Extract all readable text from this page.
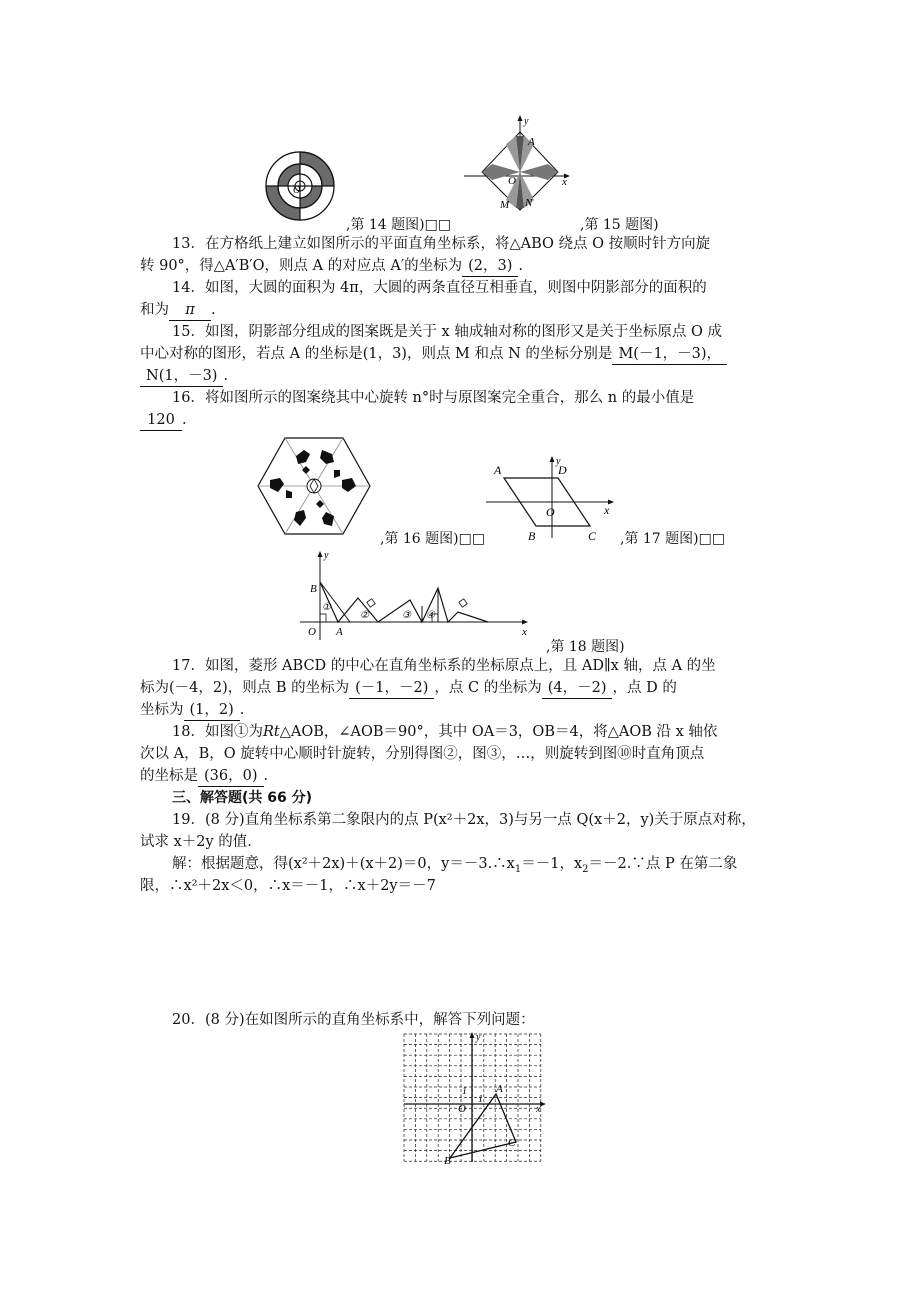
O
y
x
A
O
M N
,第 14 题图)□□	,第 15 题图)
13．在方格纸上建立如图所示的平面直角坐标系，将△ABO 绕点 O 按顺时针方向旋
转 90°，得△A′B′O，则点 A 的对应点 A′的坐标为 (2，3) .
14．如图，大圆的面积为 4π，大圆的两条直径互相垂直，则图中阴影部分的面积的
和为 π .
15．如图，阴影部分组成的图案既是关于 x 轴成轴对称的图形又是关于坐标原点 O 成
中心对称的图形，若点 A 的坐标是(1，3)，则点 M 和点 N 的坐标分别是 M(－1，－3)，
N(1，－3) .
16．将如图所示的图案绕其中心旋转 n°时与原图案完全重合，那么 n 的最小值是
120 .
A	D
y
O	x
B	C
,第 16 题图)□□	,第 17 题图)□□
B
y
O A	x
①
②	③ ④
,第 18 题图)
17．如图，菱形 ABCD 的中心在直角坐标系的坐标原点上，且 AD∥x 轴，点 A 的坐
标为(－4，2)，则点 B 的坐标为 (－1，－2) ，点 C 的坐标为 (4，－2) ，点 D 的
坐标为 (1，2) .
18．如图①为Rt△AOB，∠AOB＝90°，其中 OA＝3，OB＝4，将△AOB 沿 x 轴依
次以 A，B，O 旋转中心顺时针旋转，分别得图②，图③，…，则旋转到图⑩时直角顶点
的坐标是 (36，0) .
三、解答题(共 66 分)
19．(8 分)直角坐标系第二象限内的点 P(x²＋2x，3)与另一点 Q(x＋2，y)关于原点对称，
试求 x＋2y 的值．
解：根据题意，得(x²＋2x)＋(x＋2)＝0，$y=-3.\therefore x_1=-1$，$x_2=-2.\because$点 P 在第二象
限，∴x²＋2x＜0，∴x＝－1，∴x＋2y＝－7
20．(8 分)在如图所示的直角坐标系中，解答下列问题：
y
x
A
O
1
1
B
C
